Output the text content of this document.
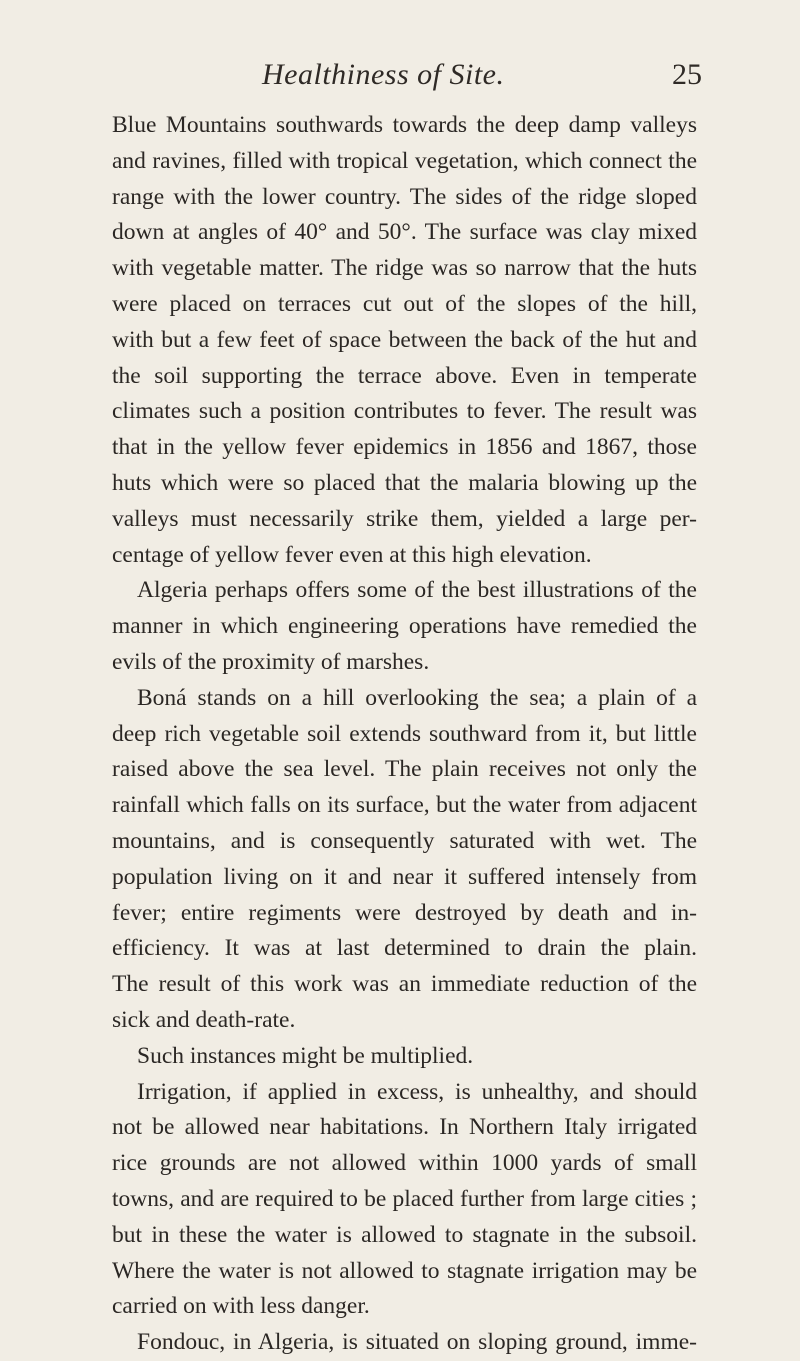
Healthiness of Site.	25
Blue Mountains southwards towards the deep damp valleys
and ravines, filled with tropical vegetation, which connect the
range with the lower country. The sides of the ridge sloped
down at angles of 40° and 50°. The surface was clay mixed
with vegetable matter. The ridge was so narrow that the huts
were placed on terraces cut out of the slopes of the hill,
with but a few feet of space between the back of the hut and
the soil supporting the terrace above. Even in temperate
climates such a position contributes to fever. The result was
that in the yellow fever epidemics in 1856 and 1867, those
huts which were so placed that the malaria blowing up the
valleys must necessarily strike them, yielded a large per-
centage of yellow fever even at this high elevation.
Algeria perhaps offers some of the best illustrations of the
manner in which engineering operations have remedied the
evils of the proximity of marshes.
Boná stands on a hill overlooking the sea; a plain of a
deep rich vegetable soil extends southward from it, but little
raised above the sea level. The plain receives not only the
rainfall which falls on its surface, but the water from adjacent
mountains, and is consequently saturated with wet. The
population living on it and near it suffered intensely from
fever; entire regiments were destroyed by death and in-
efficiency. It was at last determined to drain the plain.
The result of this work was an immediate reduction of the
sick and death-rate.
Such instances might be multiplied.
Irrigation, if applied in excess, is unhealthy, and should
not be allowed near habitations. In Northern Italy irrigated
rice grounds are not allowed within 1000 yards of small
towns, and are required to be placed further from large cities ;
but in these the water is allowed to stagnate in the subsoil.
Where the water is not allowed to stagnate irrigation may be
carried on with less danger.
Fondouc, in Algeria, is situated on sloping ground, imme-
